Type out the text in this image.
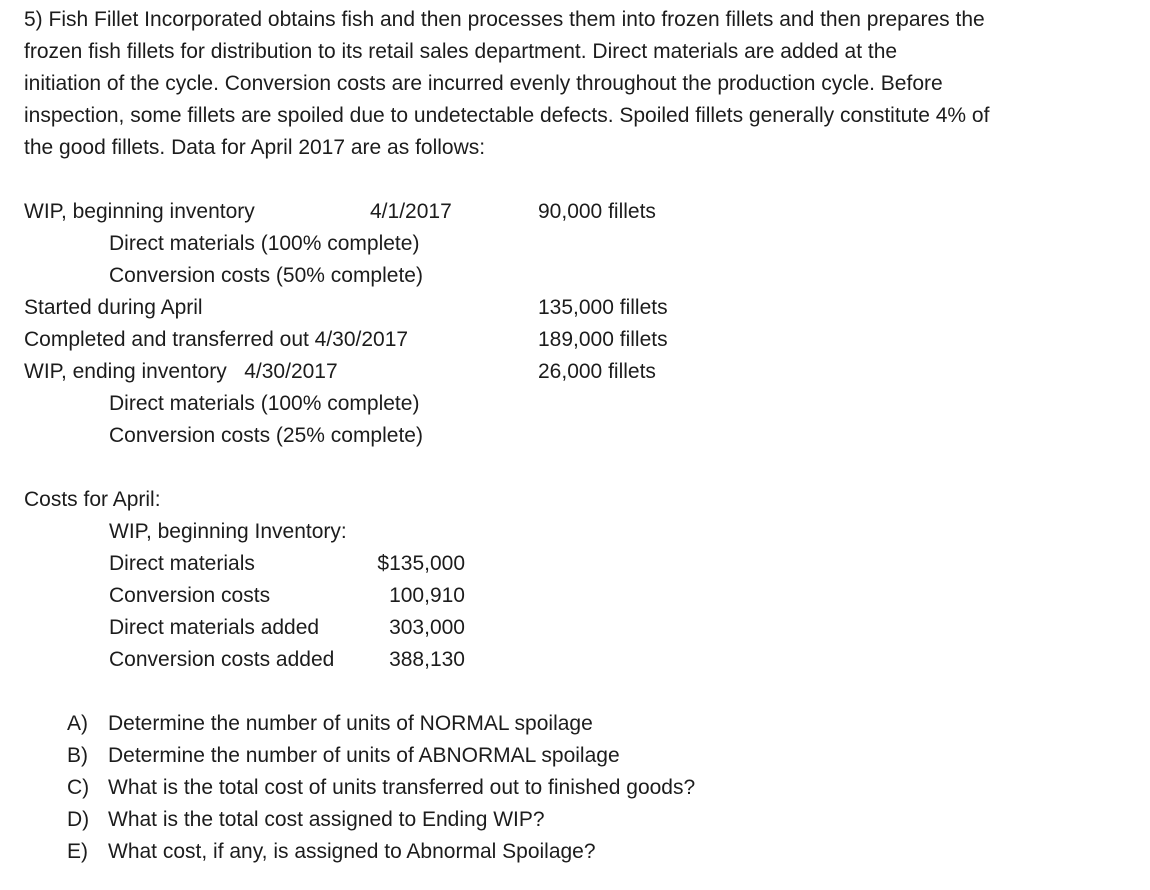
5) Fish Fillet Incorporated obtains fish and then processes them into frozen fillets and then prepares the
frozen fish fillets for distribution to its retail sales department. Direct materials are added at the
initiation of the cycle. Conversion costs are incurred evenly throughout the production cycle. Before
inspection, some fillets are spoiled due to undetectable defects. Spoiled fillets generally constitute 4% of
the good fillets. Data for April 2017 are as follows:
WIP, beginning inventory	4/1/2017	90,000 fillets
Direct materials (100% complete)
Conversion costs (50% complete)
Started during April	135,000 fillets
Completed and transferred out 4/30/2017	189,000 fillets
WIP, ending inventory   4/30/2017	26,000 fillets
Direct materials (100% complete)
Conversion costs (25% complete)
Costs for April:
WIP, beginning Inventory:
Direct materials	$135,000
Conversion costs	100,910
Direct materials added	303,000
Conversion costs added	388,130
A) Determine the number of units of NORMAL spoilage
B) Determine the number of units of ABNORMAL spoilage
C) What is the total cost of units transferred out to finished goods?
D) What is the total cost assigned to Ending WIP?
E) What cost, if any, is assigned to Abnormal Spoilage?
